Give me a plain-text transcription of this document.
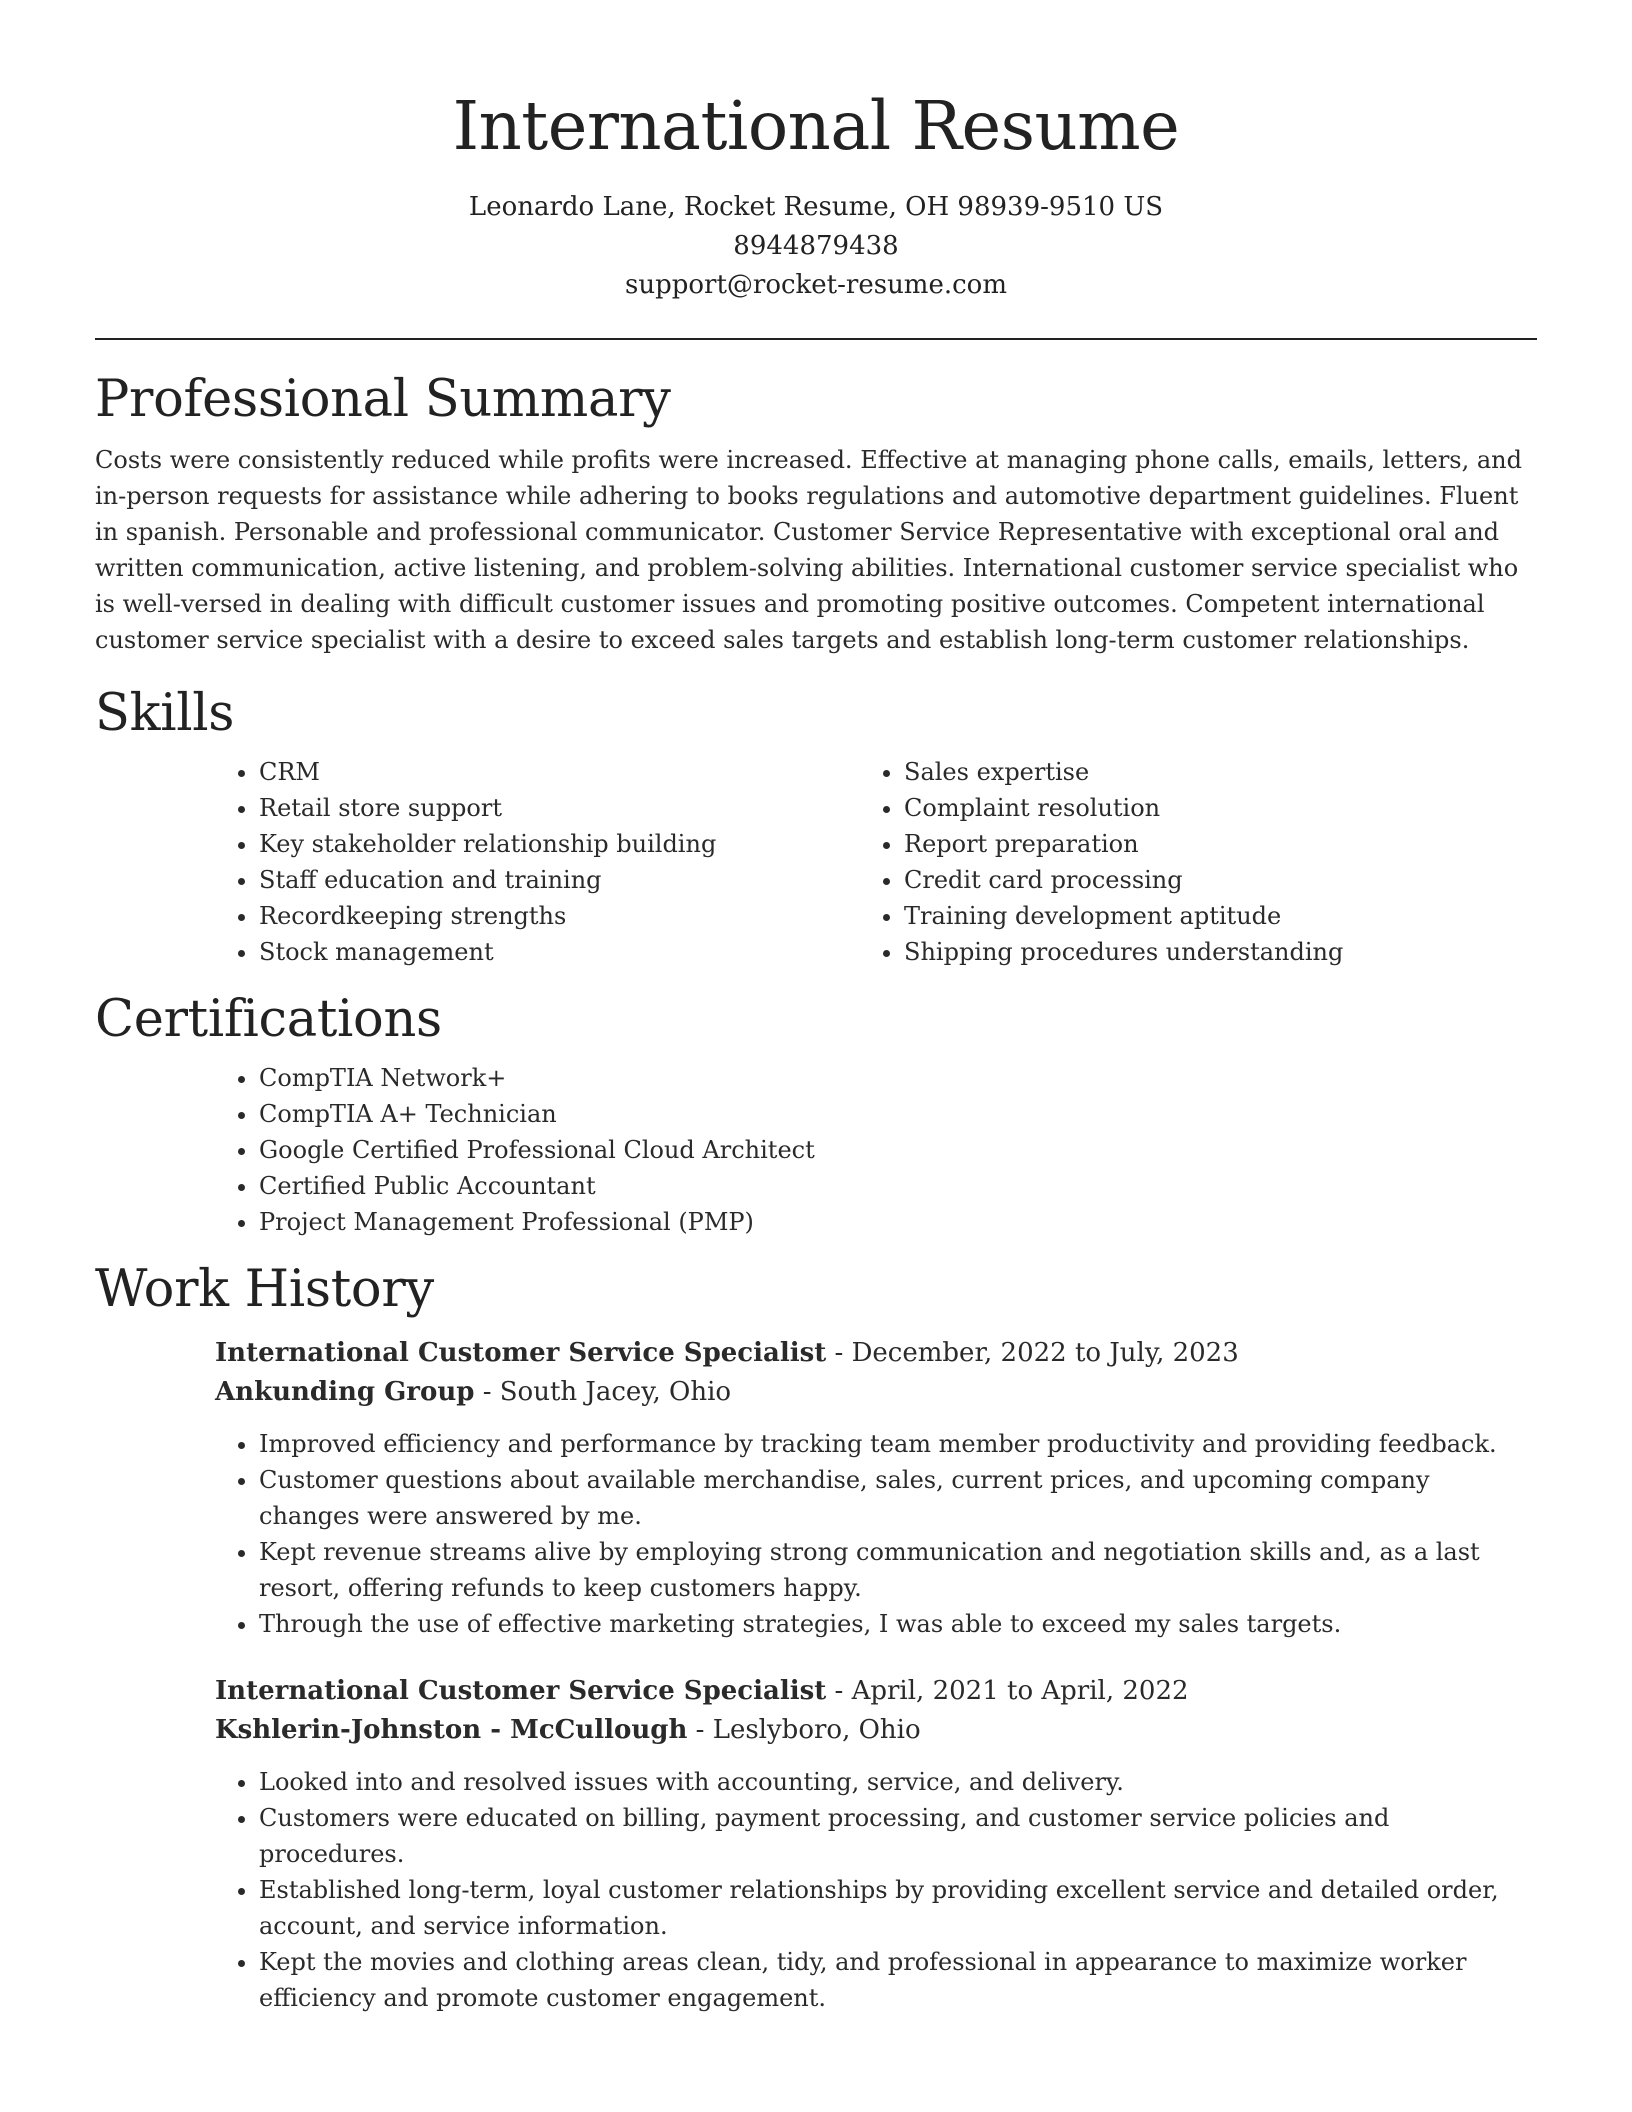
International Resume
Leonardo Lane, Rocket Resume, OH 98939-9510 US
8944879438
support@rocket-resume.com
Professional Summary

Costs were consistently reduced while profits were increased. Effective at managing phone calls, emails, letters, and in-person requests for assistance while adhering to books regulations and automotive department guidelines. Fluent in spanish. Personable and professional communicator. Customer Service Representative with exceptional oral and written communication, active listening, and problem-solving abilities. International customer service specialist who is well-versed in dealing with difficult customer issues and promoting positive outcomes. Competent international customer service specialist with a desire to exceed sales targets and establish long-term customer relationships.

Skills
• CRM
• Retail store support
• Key stakeholder relationship building
• Staff education and training
• Recordkeeping strengths
• Stock management
• Sales expertise
• Complaint resolution
• Report preparation
• Credit card processing
• Training development aptitude
• Shipping procedures understanding
Certifications
• CompTIA Network+
• CompTIA A+ Technician
• Google Certified Professional Cloud Architect
• Certified Public Accountant
• Project Management Professional (PMP)
Work History
International Customer Service Specialist - December, 2022 to July, 2023
Ankunding Group - South Jacey, Ohio
• Improved efficiency and performance by tracking team member productivity and providing feedback.
• Customer questions about available merchandise, sales, current prices, and upcoming company changes were answered by me.
• Kept revenue streams alive by employing strong communication and negotiation skills and, as a last resort, offering refunds to keep customers happy.
• Through the use of effective marketing strategies, I was able to exceed my sales targets.
International Customer Service Specialist - April, 2021 to April, 2022
Kshlerin-Johnston - McCullough - Leslyboro, Ohio
• Looked into and resolved issues with accounting, service, and delivery.
• Customers were educated on billing, payment processing, and customer service policies and procedures.
• Established long-term, loyal customer relationships by providing excellent service and detailed order, account, and service information.
• Kept the movies and clothing areas clean, tidy, and professional in appearance to maximize worker efficiency and promote customer engagement.
